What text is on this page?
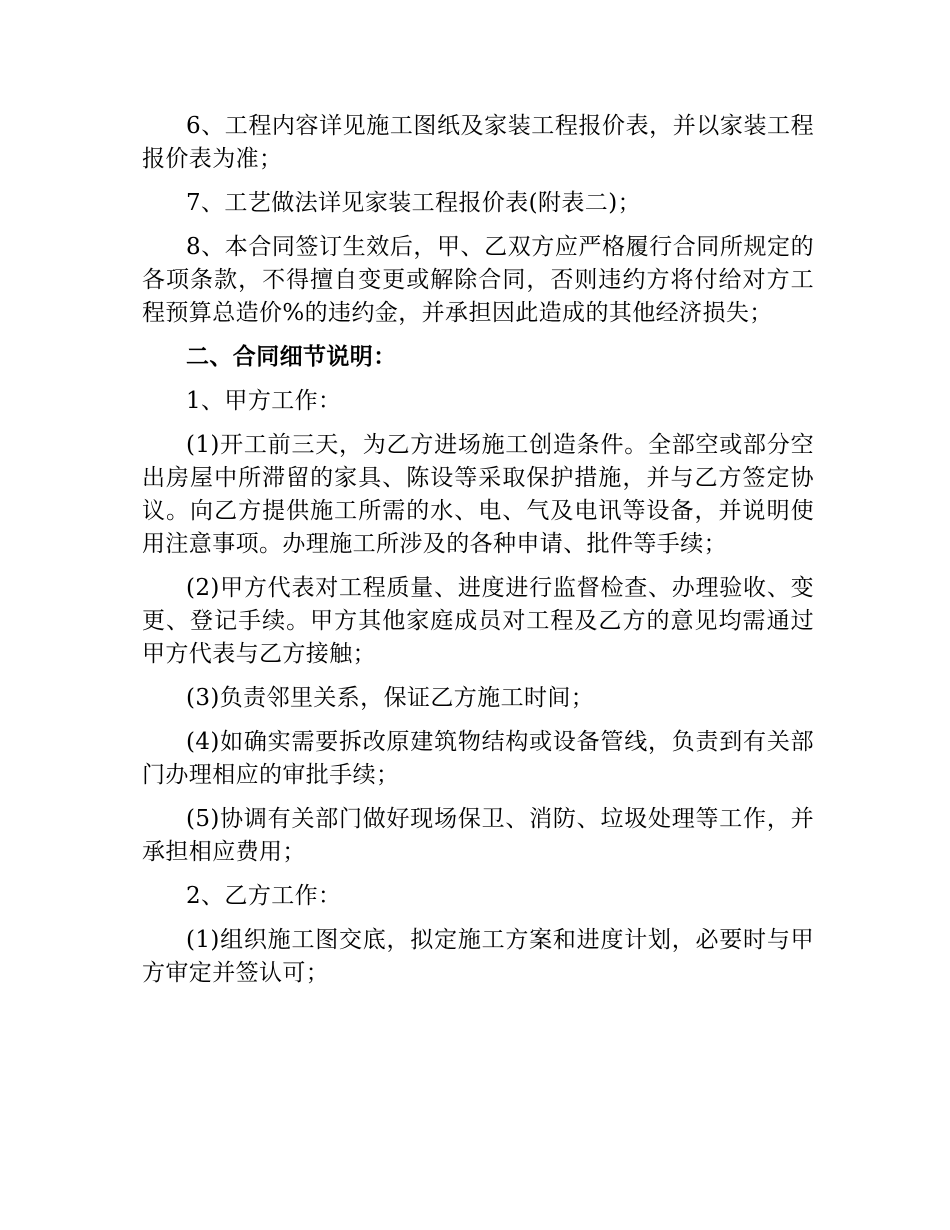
6、工程内容详见施工图纸及家装工程报价表，并以家装工程报价表为准；

7、工艺做法详见家装工程报价表(附表二)；

8、本合同签订生效后，甲、乙双方应严格履行合同所规定的各项条款，不得擅自变更或解除合同，否则违约方将付给对方工程预算总造价%的违约金，并承担因此造成的其他经济损失；

二、合同细节说明：

1、甲方工作：

(1)开工前三天，为乙方进场施工创造条件。全部空或部分空出房屋中所滞留的家具、陈设等采取保护措施，并与乙方签定协议。向乙方提供施工所需的水、电、气及电讯等设备，并说明使用注意事项。办理施工所涉及的各种申请、批件等手续；

(2)甲方代表对工程质量、进度进行监督检查、办理验收、变更、登记手续。甲方其他家庭成员对工程及乙方的意见均需通过甲方代表与乙方接触；

(3)负责邻里关系，保证乙方施工时间；

(4)如确实需要拆改原建筑物结构或设备管线，负责到有关部门办理相应的审批手续；

(5)协调有关部门做好现场保卫、消防、垃圾处理等工作，并承担相应费用；

2、乙方工作：

(1)组织施工图交底，拟定施工方案和进度计划，必要时与甲方审定并签认可；
